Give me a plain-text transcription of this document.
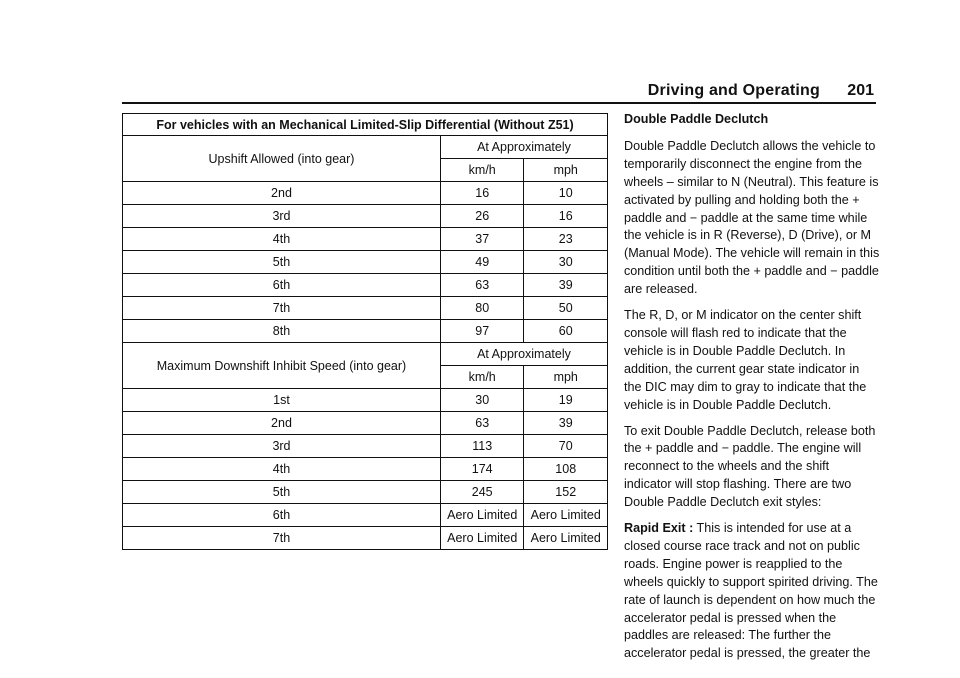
Driving and Operating 201
For vehicles with an Mechanical Limited-Slip Differential (Without Z51)		
Upshift Allowed (into gear)	At Approximately	
	km/h	mph
2nd	16	10
3rd	26	16
4th	37	23
5th	49	30
6th	63	39
7th	80	50
8th	97	60
Maximum Downshift Inhibit Speed (into gear)	At Approximately	
	km/h	mph
1st	30	19
2nd	63	39
3rd	113	70
4th	174	108
5th	245	152
6th	Aero Limited	Aero Limited
7th	Aero Limited	Aero Limited

Double Paddle Declutch

Double Paddle Declutch allows the vehicle to temporarily disconnect the engine from the wheels – similar to N (Neutral). This feature is activated by pulling and holding both the + paddle and − paddle at the same time while the vehicle is in R (Reverse), D (Drive), or M (Manual Mode). The vehicle will remain in this condition until both the + paddle and − paddle are released.

The R, D, or M indicator on the center shift console will flash red to indicate that the vehicle is in Double Paddle Declutch. In addition, the current gear state indicator in the DIC may dim to gray to indicate that the vehicle is in Double Paddle Declutch.

To exit Double Paddle Declutch, release both the + paddle and − paddle. The engine will reconnect to the wheels and the shift indicator will stop flashing. There are two Double Paddle Declutch exit styles:

Rapid Exit : This is intended for use at a closed course race track and not on public roads. Engine power is reapplied to the wheels quickly to support spirited driving. The rate of launch is dependent on how much the accelerator pedal is pressed when the paddles are released: The further the accelerator pedal is pressed, the greater the
